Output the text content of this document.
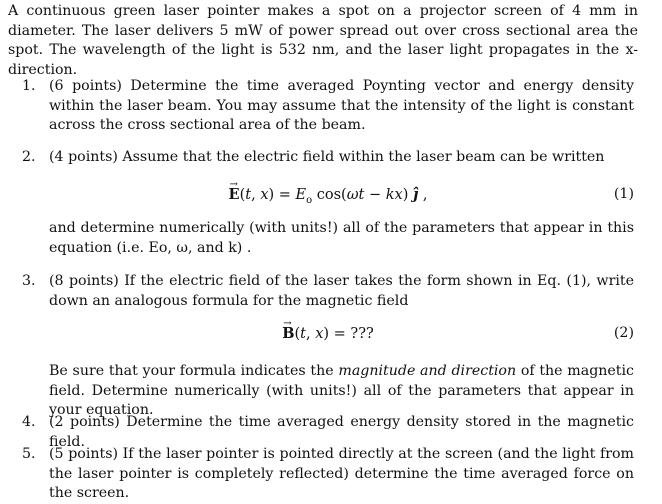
A continuous green laser pointer makes a spot on a projector screen of 4 mm in diameter. The laser delivers 5 mW of power spread out over cross sectional area the spot. The wavelength of the light is 532 nm, and the laser light propagates in the x-direction.
1. (6 points) Determine the time averaged Poynting vector and energy density within the laser beam. You may assume that the intensity of the light is constant across the cross sectional area of the beam.
2. (4 points) Assume that the electric field within the laser beam can be written
→ E(t, $x) = E_o$ cos(ωt − kx) ĵ ,	(1)
and determine numerically (with units!) all of the parameters that appear in this equation (i.e. Eo, ω, and k) .
3. (8 points) If the electric field of the laser takes the form shown in Eq. (1), write down an analogous formula for the magnetic field
→ B(t, x) = ???	(2)
Be sure that your formula indicates the magnitude and direction of the magnetic field. Determine numerically (with units!) all of the parameters that appear in your equation.
4. (2 points) Determine the time averaged energy density stored in the magnetic field.
5. (5 points) If the laser pointer is pointed directly at the screen (and the light from the laser pointer is completely reflected) determine the time averaged force on the screen.
